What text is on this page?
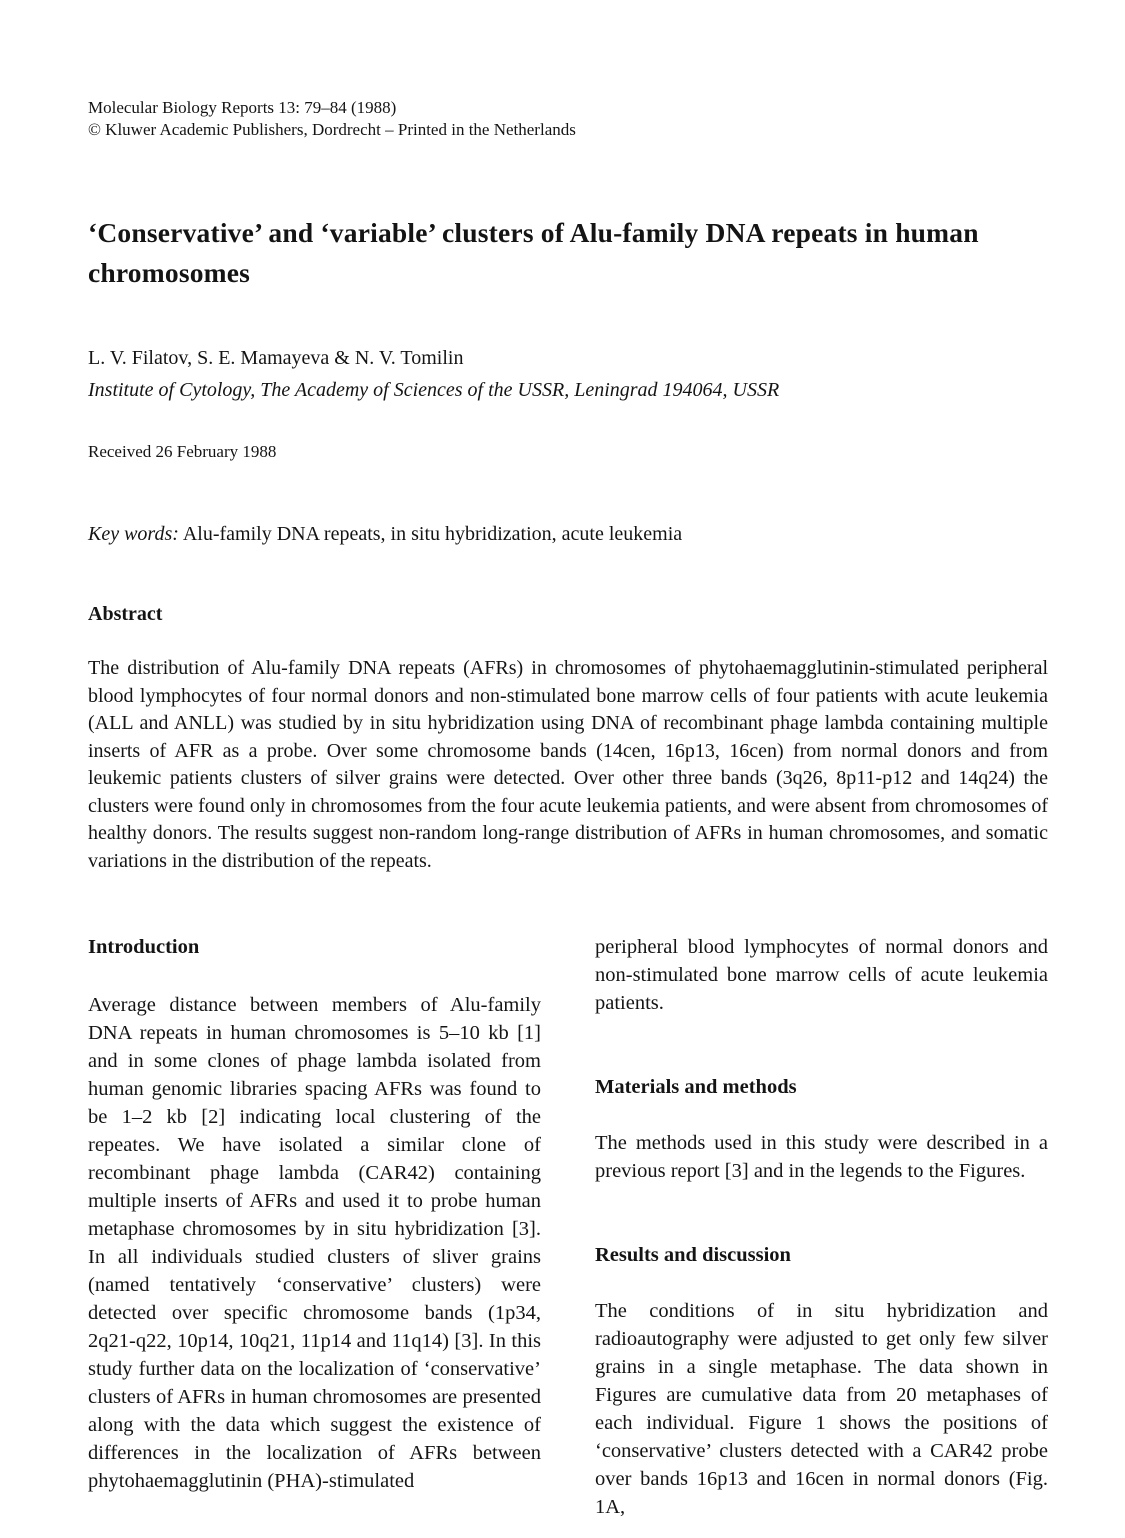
Molecular Biology Reports 13: 79–84 (1988)
© Kluwer Academic Publishers, Dordrecht – Printed in the Netherlands
‘Conservative’ and ‘variable’ clusters of Alu-family DNA repeats in human
chromosomes
L. V. Filatov, S. E. Mamayeva & N. V. Tomilin
Institute of Cytology, The Academy of Sciences of the USSR, Leningrad 194064, USSR
Received 26 February 1988
Key words: Alu-family DNA repeats, in situ hybridization, acute leukemia
Abstract
The distribution of Alu-family DNA repeats (AFRs) in chromosomes of phytohaemagglutinin-stimulated peripheral blood lymphocytes of four normal donors and non-stimulated bone marrow cells of four patients with acute leukemia (ALL and ANLL) was studied by in situ hybridization using DNA of recombinant phage lambda containing multiple inserts of AFR as a probe. Over some chromosome bands (14cen, 16p13, 16cen) from normal donors and from leukemic patients clusters of silver grains were detected. Over other three bands (3q26, 8p11-p12 and 14q24) the clusters were found only in chromosomes from the four acute leukemia patients, and were absent from chromosomes of healthy donors. The results suggest non-random long-range distribution of AFRs in human chromosomes, and somatic variations in the distribution of the repeats.
Introduction

Average distance between members of Alu-family DNA repeats in human chromosomes is 5–10 kb [1] and in some clones of phage lambda isolated from human genomic libraries spacing AFRs was found to be 1–2 kb [2] indicating local clustering of the repeates. We have isolated a similar clone of recombinant phage lambda (CAR42) containing multiple inserts of AFRs and used it to probe human metaphase chromosomes by in situ hybridization [3]. In all individuals studied clusters of sliver grains (named tentatively ‘conservative’ clusters) were detected over specific chromosome bands (1p34, 2q21-q22, 10p14, 10q21, 11p14 and 11q14) [3]. In this study further data on the localization of ‘conservative’ clusters of AFRs in human chromosomes are presented along with the data which suggest the existence of differences in the localization of AFRs between phytohaemagglutinin (PHA)-stimulated

peripheral blood lymphocytes of normal donors and non-stimulated bone marrow cells of acute leukemia patients.

Materials and methods

The methods used in this study were described in a previous report [3] and in the legends to the Figures.

Results and discussion

The conditions of in situ hybridization and radioautography were adjusted to get only few silver grains in a single metaphase. The data shown in Figures are cumulative data from 20 metaphases of each individual. Figure 1 shows the positions of ‘conservative’ clusters detected with a CAR42 probe over bands 16p13 and 16cen in normal donors (Fig. 1A,
